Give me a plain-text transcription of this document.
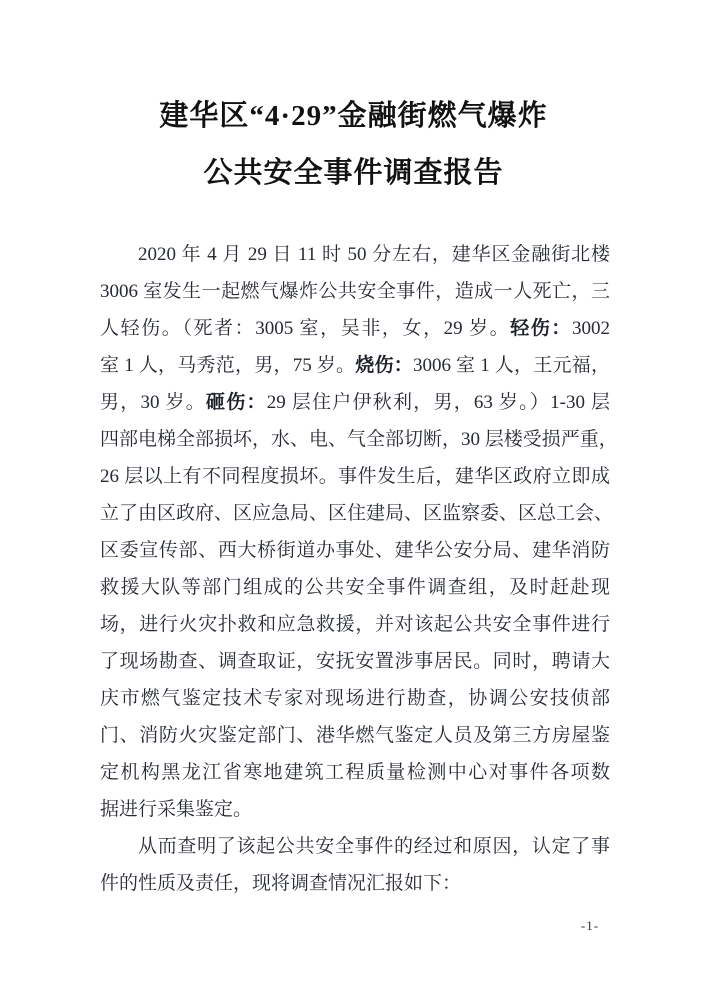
建华区“4·29”金融街燃气爆炸
公共安全事件调查报告
2020 年 4 月 29 日 11 时 50 分左右，建华区金融街北楼
3006 室发生一起燃气爆炸公共安全事件，造成一人死亡，三
人轻伤。（死者：3005 室，吴非，女，29 岁。轻伤：3002
室 1 人，马秀范，男，75 岁。烧伤：3006 室 1 人，王元福，
男，30 岁。砸伤：29 层住户伊秋利，男，63 岁。）1-30 层
四部电梯全部损坏，水、电、气全部切断，30 层楼受损严重，
26 层以上有不同程度损坏。事件发生后，建华区政府立即成
立了由区政府、区应急局、区住建局、区监察委、区总工会、
区委宣传部、西大桥街道办事处、建华公安分局、建华消防
救援大队等部门组成的公共安全事件调查组，及时赶赴现
场，进行火灾扑救和应急救援，并对该起公共安全事件进行
了现场勘查、调查取证，安抚安置涉事居民。同时，聘请大
庆市燃气鉴定技术专家对现场进行勘查，协调公安技侦部
门、消防火灾鉴定部门、港华燃气鉴定人员及第三方房屋鉴
定机构黑龙江省寒地建筑工程质量检测中心对事件各项数
据进行采集鉴定。
从而查明了该起公共安全事件的经过和原因，认定了事
件的性质及责任，现将调查情况汇报如下：
-1-
